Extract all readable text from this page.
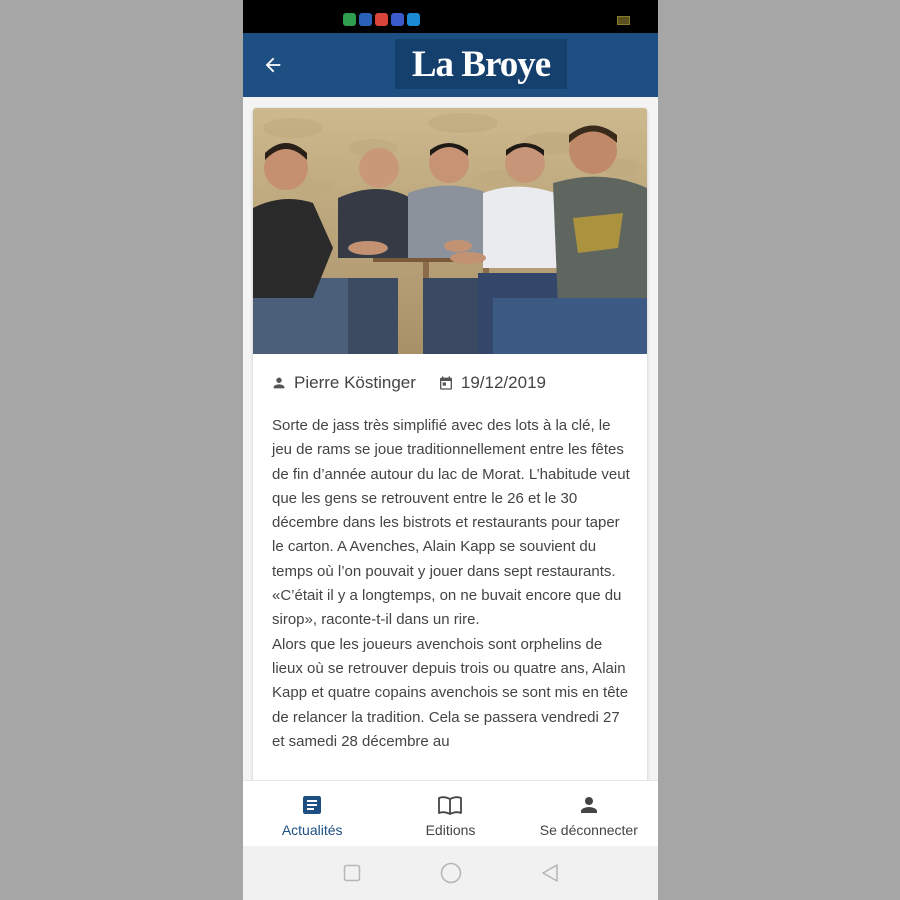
La Broye
Pierre Köstinger	19/12/2019

Sorte de jass très simplifié avec des lots à la clé, le jeu de rams se joue traditionnellement entre les fêtes de fin d’année autour du lac de Morat. L’habitude veut que les gens se retrouvent entre le 26 et le 30 décembre dans les bistrots et restaurants pour taper le carton. A Avenches, Alain Kapp se souvient du temps où l’on pouvait y jouer dans sept restaurants. «C’était il y a longtemps, on ne buvait encore que du sirop», raconte-t-il dans un rire.

Alors que les joueurs avenchois sont orphelins de lieux où se retrouver depuis trois ou quatre ans, Alain Kapp et quatre copains avenchois se sont mis en tête de relancer la tradition. Cela se passera vendredi 27 et samedi 28 décembre au

Actualités	Editions	Se déconnecter
